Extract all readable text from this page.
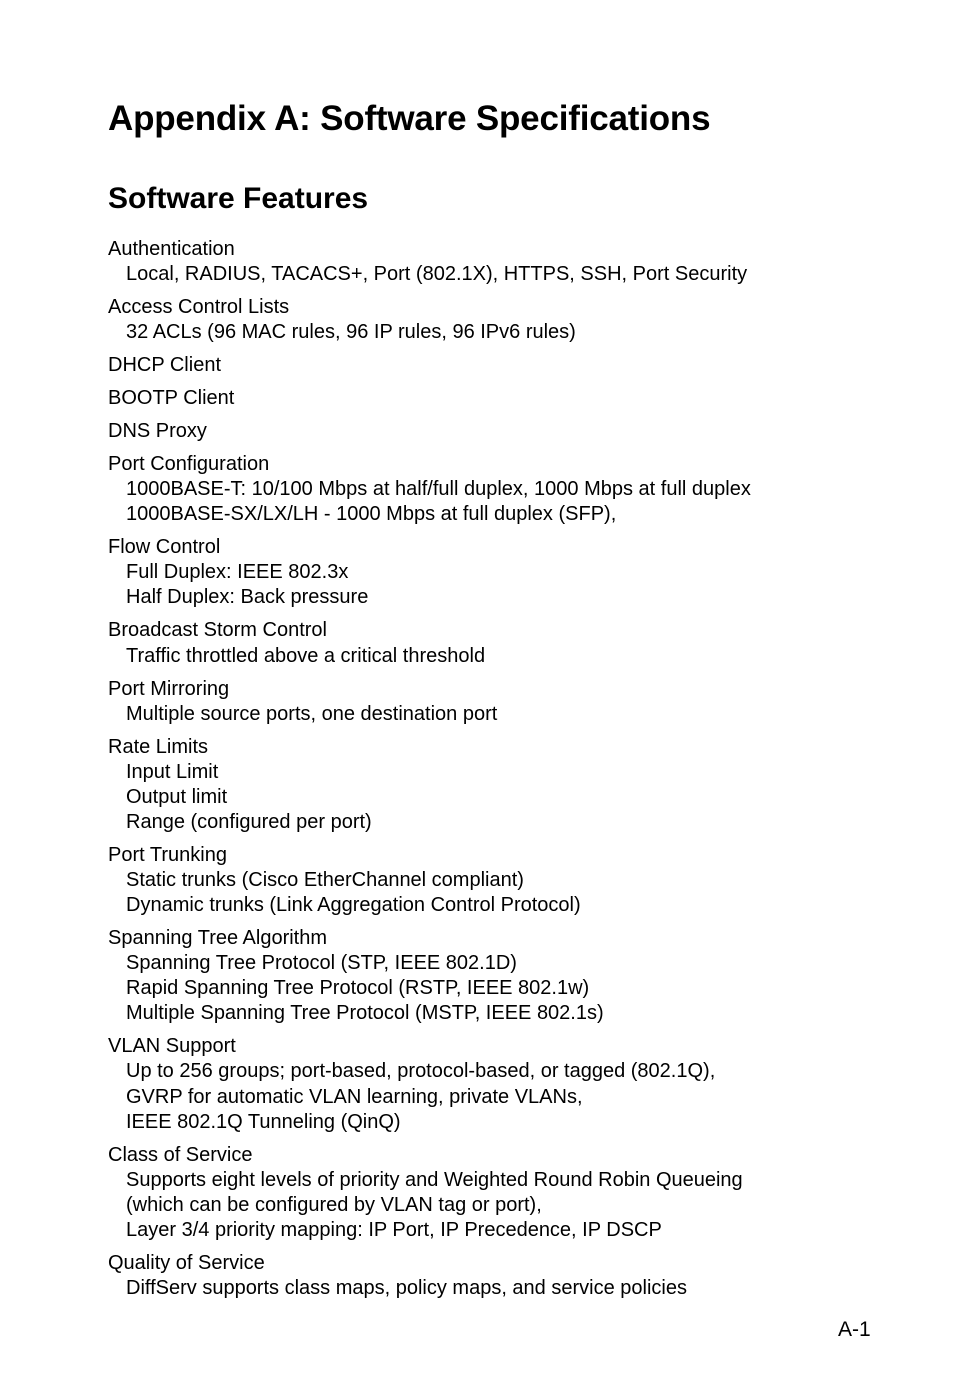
Appendix A: Software Specifications
Software Features
Authentication
Local, RADIUS, TACACS+, Port (802.1X), HTTPS, SSH, Port Security
Access Control Lists
32 ACLs (96 MAC rules, 96 IP rules, 96 IPv6 rules)
DHCP Client
BOOTP Client
DNS Proxy
Port Configuration
1000BASE-T: 10/100 Mbps at half/full duplex, 1000 Mbps at full duplex
1000BASE-SX/LX/LH - 1000 Mbps at full duplex (SFP),
Flow Control
Full Duplex: IEEE 802.3x
Half Duplex: Back pressure
Broadcast Storm Control
Traffic throttled above a critical threshold
Port Mirroring
Multiple source ports, one destination port
Rate Limits
Input Limit
Output limit
Range (configured per port)
Port Trunking
Static trunks (Cisco EtherChannel compliant)
Dynamic trunks (Link Aggregation Control Protocol)
Spanning Tree Algorithm
Spanning Tree Protocol (STP, IEEE 802.1D)
Rapid Spanning Tree Protocol (RSTP, IEEE 802.1w)
Multiple Spanning Tree Protocol (MSTP, IEEE 802.1s)
VLAN Support
Up to 256 groups; port-based, protocol-based, or tagged (802.1Q),
GVRP for automatic VLAN learning, private VLANs,
IEEE 802.1Q Tunneling (QinQ)
Class of Service
Supports eight levels of priority and Weighted Round Robin Queueing
(which can be configured by VLAN tag or port),
Layer 3/4 priority mapping: IP Port, IP Precedence, IP DSCP
Quality of Service
DiffServ supports class maps, policy maps, and service policies
A-1
